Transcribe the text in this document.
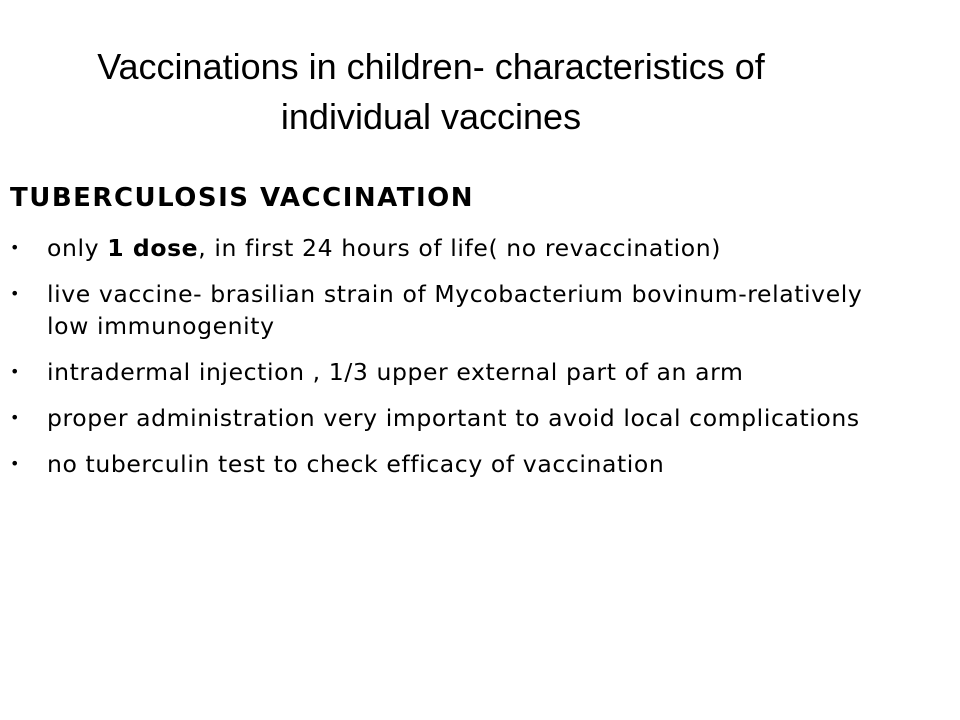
Vaccinations in children- characteristics of
individual vaccines
TUBERCULOSIS VACCINATION
• only 1 dose, in first 24 hours of life( no revaccination)
• live vaccine- brasilian strain of Mycobacterium bovinum-relatively low immunogenity
• intradermal injection , 1/3 upper external part of an arm
• proper administration very important to avoid local complications
• no tuberculin test to check efficacy of vaccination
